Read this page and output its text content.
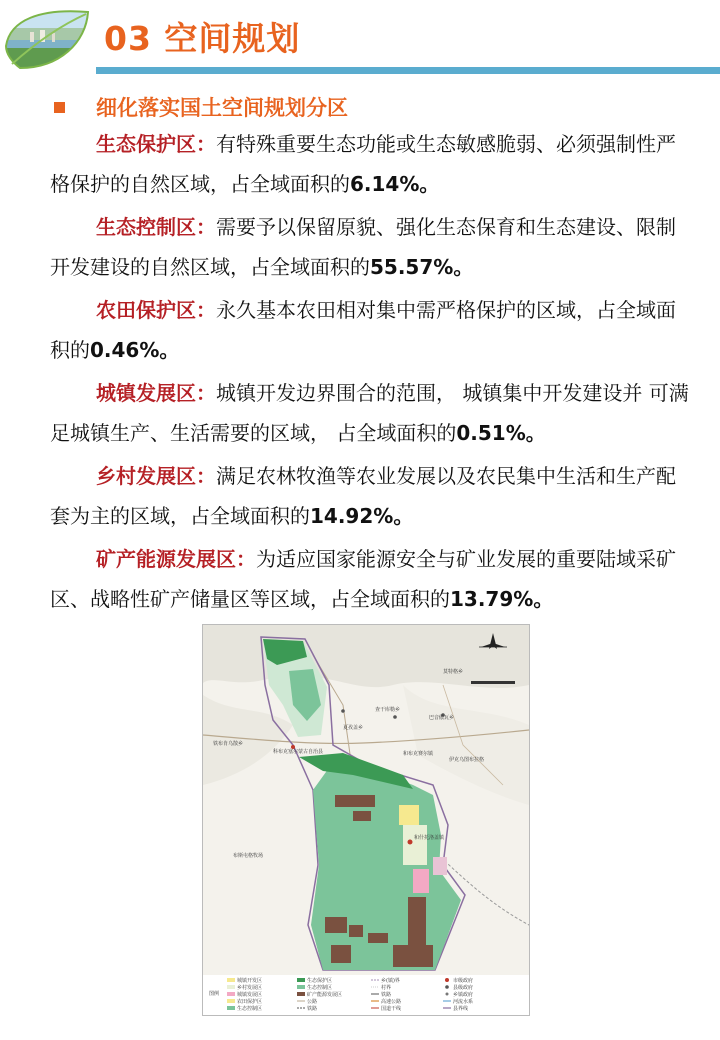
03 空间规划
细化落实国土空间规划分区

生态保护区：有特殊重要生态功能或生态敏感脆弱、必须强制性严格保护的自然区域，占全域面积的6.14%。

生态控制区：需要予以保留原貌、强化生态保育和生态建设、限制开发建设的自然区域，占全域面积的55.57%。

农田保护区：永久基本农田相对集中需严格保护的区域，占全域面积的0.46%。

城镇发展区：城镇开发边界围合的范围， 城镇集中开发建设并 可满足城镇生产、生活需要的区域， 占全域面积的0.51%。

乡村发展区：满足农林牧渔等农业发展以及农民集中生活和生产配套为主的区域，占全域面积的14.92%。

矿产能源发展区：为适应国家能源安全与矿业发展的重要陆域采矿区、战略性矿产储量区等区域，占全域面积的13.79%。

科布克塞尔蒙古自治县
和什托洛盖镇
铁布肯乌散乡
查干库勒乡
巴音傲瓦乡
夏孜盖乡
莫特格乡
伊克乌图布拉格
布斯屯格牧场
和布克赛尔镇
图例
城镇开发区
乡村发展区
城镇发展区
农田保护区
生态控制区
生态保护区
生态控制区
矿产能源发展区
公路
铁路
乡(镇)界
村界
铁路
高速公路
国道干线
市级政府
县级政府
乡镇政府
河流水系
县界线
